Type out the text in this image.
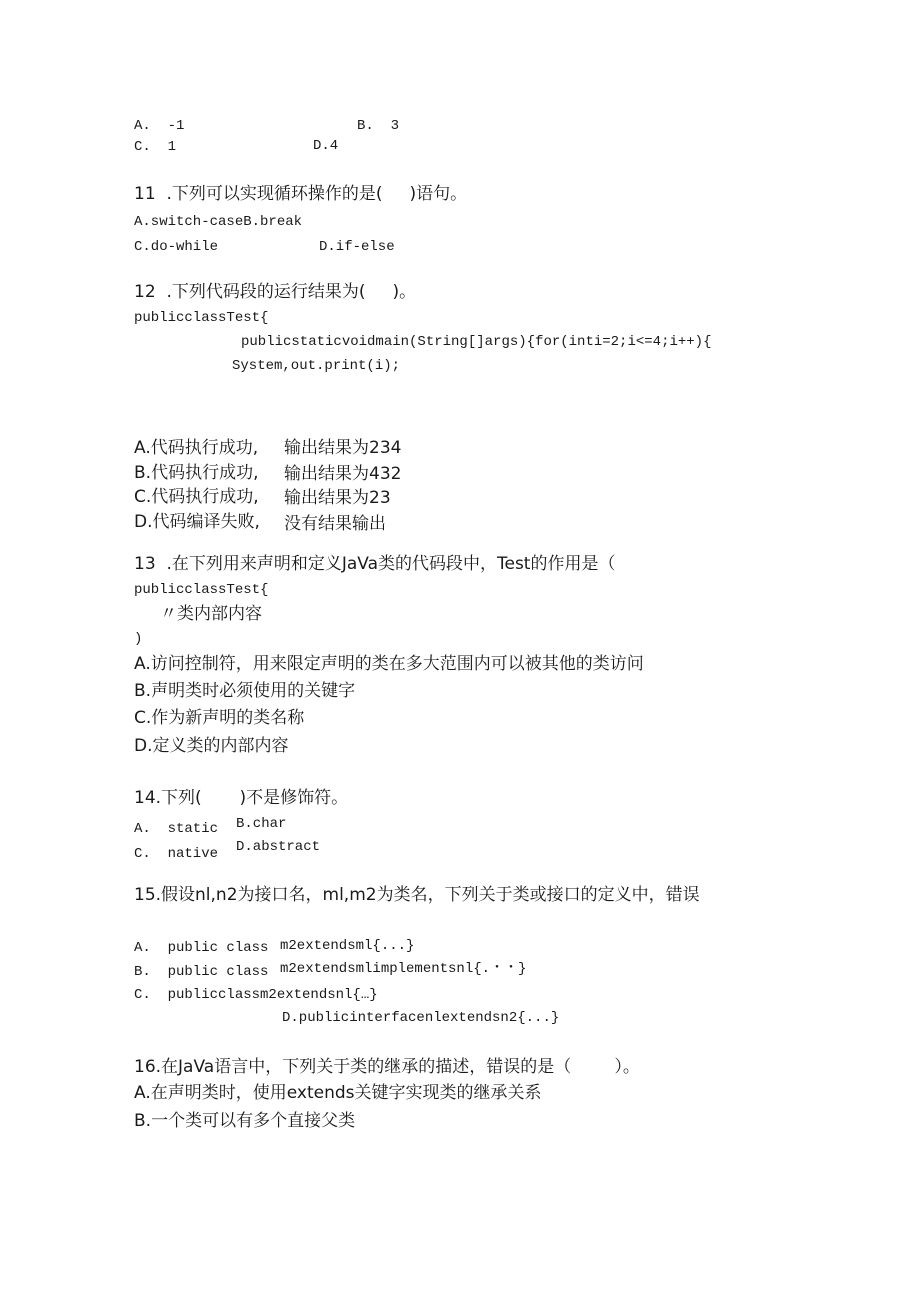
A.  -1	B.  3
C.  1	D.4
11  .下列可以实现循环操作的是(     )语句。
A.switch-caseB.break
C.do-while	D.if-else
12  .下列代码段的运行结果为(     )。
publicclassTest{
publicstaticvoidmain(String[]args){for(inti=2;i<=4;i++){
System,out.print(i);
A.代码执行成功, 输出结果为234
B.代码执行成功, 输出结果为432
C.代码执行成功, 输出结果为23
D.代码编译失败, 没有结果输出
13  .在下列用来声明和定义JaVa类的代码段中，Test的作用是（
publicclassTest{
〃类内部内容
)
A.访问控制符，用来限定声明的类在多大范围内可以被其他的类访问
B.声明类时必须使用的关键字
C.作为新声明的类名称
D.定义类的内部内容
14.下列(       )不是修饰符。
A.  static B.char
C.  native D.abstract
15.假设nl,n2为接口名，ml,m2为类名，下列关于类或接口的定义中，错误
A.  public class m2extendsml{...}
B.  public class m2extendsmlimplementsnl{.・・}
C.  publicclassm2extendsnl{…}
D.publicinterfacenlextendsn2{...}
16.在JaVa语言中，下列关于类的继承的描述，错误的是（        ）。
A.在声明类时，使用extends关键字实现类的继承关系
B.一个类可以有多个直接父类
